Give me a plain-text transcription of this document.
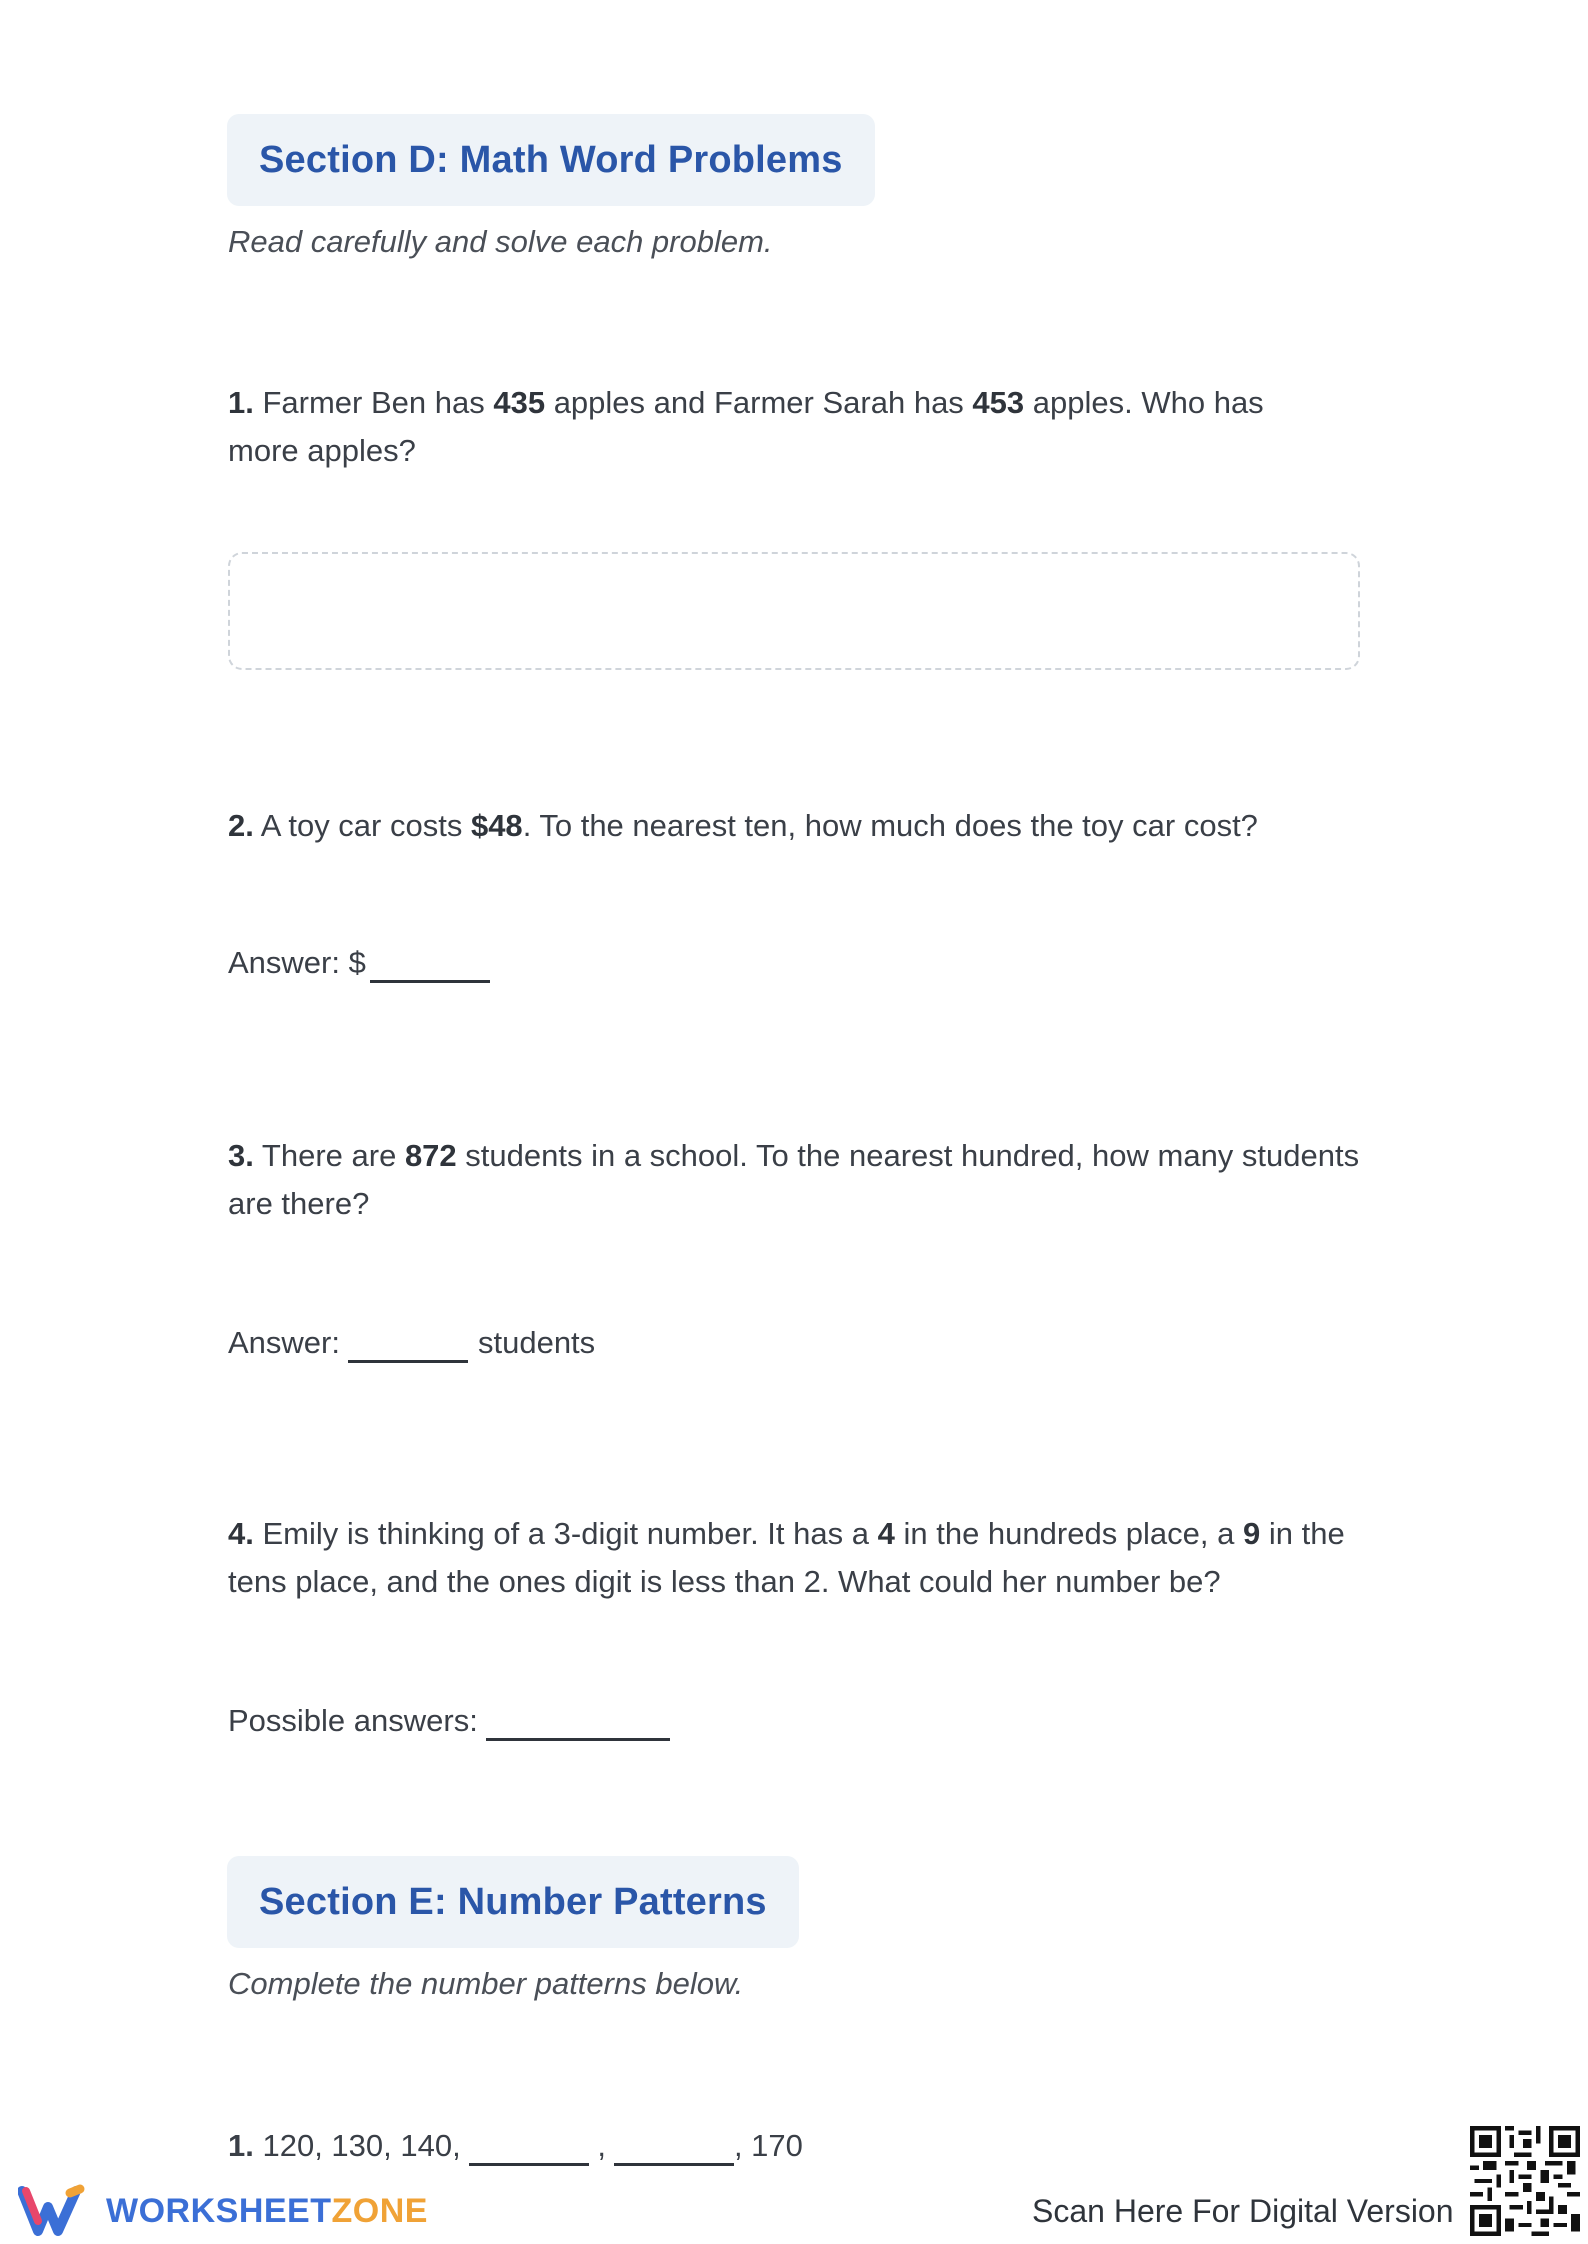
Section D: Math Word Problems
Read carefully and solve each problem.
1. Farmer Ben has 435 apples and Farmer Sarah has 453 apples. Who has more apples?
2. A toy car costs $48. To the nearest ten, how much does the toy car cost?
Answer: $
3. There are 872 students in a school. To the nearest hundred, how many students are there?
Answer:	students
4. Emily is thinking of a 3-digit number. It has a 4 in the hundreds place, a 9 in the tens place, and the ones digit is less than 2. What could her number be?
Possible answers:
Section E: Number Patterns
Complete the number patterns below.
1. 120, 130, 140,	,	, 170
WORKSHEETZONE	Scan Here For Digital Version
